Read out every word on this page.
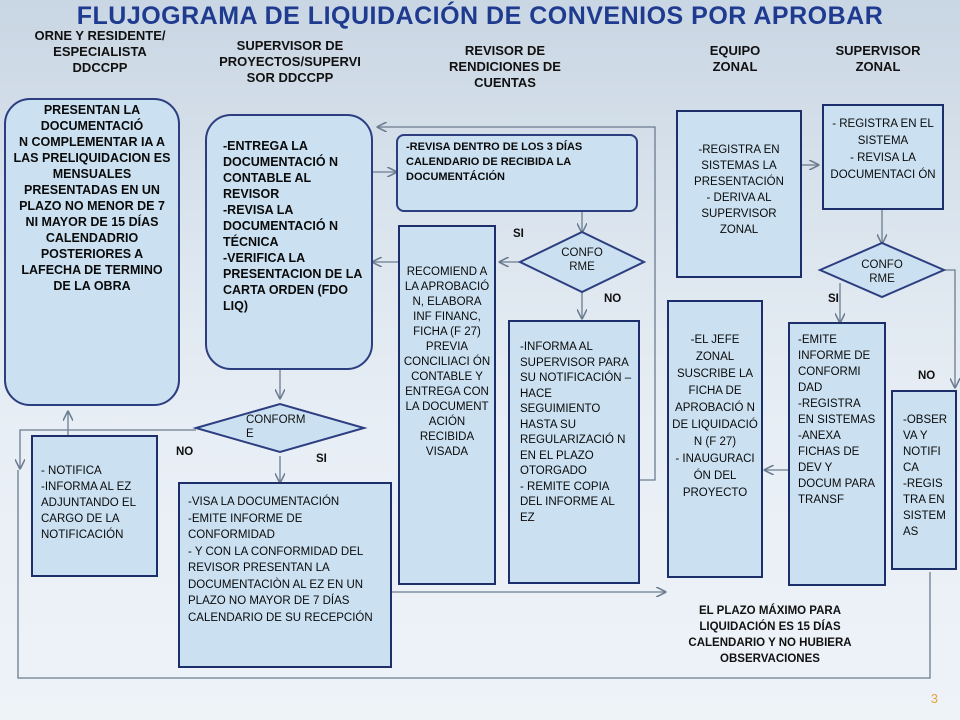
FLUJOGRAMA DE LIQUIDACIÓN DE CONVENIOS POR APROBAR
ORNE Y RESIDENTE/
ESPECIALISTA
DDCCPP
SUPERVISOR DE
PROYECTOS/SUPERVI
SOR DDCCPP
REVISOR DE
RENDICIONES DE
CUENTAS
EQUIPO
ZONAL
SUPERVISOR
ZONAL
PRESENTAN LA DOCUMENTACIÓ
N COMPLEMENTAR IA A LAS PRELIQUIDACION ES MENSUALES PRESENTADAS EN UN PLAZO NO MENOR DE 7 NI MAYOR DE 15 DÍAS CALENDADRIO POSTERIORES A LAFECHA DE TERMINO DE LA OBRA
-ENTREGA LA DOCUMENTACIÓ N CONTABLE AL REVISOR
-REVISA LA DOCUMENTACIÓ N TÉCNICA
-VERIFICA LA PRESENTACION DE LA CARTA ORDEN (FDO LIQ)
-REVISA DENTRO DE LOS 3 DÍAS CALENDARIO DE RECIBIDA LA DOCUMENTÁCIÓN
RECOMIEND A LA APROBACIÓ N, ELABORA INF FINANC, FICHA (F 27) PREVIA CONCILIACI ÓN CONTABLE Y ENTREGA CON LA DOCUMENT ACIÓN RECIBIDA VISADA
-INFORMA AL SUPERVISOR PARA SU NOTIFICACIÓN – HACE SEGUIMIENTO HASTA SU REGULARIZACIÓ N EN EL PLAZO OTORGADO
- REMITE COPIA DEL INFORME AL EZ
-REGISTRA EN SISTEMAS LA PRESENTACIÓN
- DERIVA AL SUPERVISOR ZONAL
- REGISTRA EN EL SISTEMA
- REVISA LA DOCUMENTACI ÓN
-EL JEFE ZONAL SUSCRIBE LA FICHA DE APROBACIÓ N DE LIQUIDACIÓ N (F 27)
- INAUGURACI ÓN DEL PROYECTO
-EMITE INFORME DE CONFORMI DAD
-REGISTRA EN SISTEMAS
-ANEXA FICHAS DE DEV Y DOCUM PARA TRANSF
-OBSER VA Y NOTIFI CA
-REGIS TRA EN SISTEM AS
- NOTIFICA
-INFORMA AL EZ ADJUNTANDO EL CARGO DE LA NOTIFICACIÓN
-VISA LA DOCUMENTACIÓN
-EMITE INFORME DE CONFORMIDAD
- Y CON LA CONFORMIDAD DEL REVISOR PRESENTAN LA DOCUMENTACIÒN AL EZ EN UN PLAZO NO MAYOR DE 7 DÍAS CALENDARIO DE SU RECEPCIÓN
CONFO
RME	CONFO
RME
CONFORM
E
SI
NO	SI
NO
NO
SI
EL PLAZO MÁXIMO PARA
LIQUIDACIÓN ES 15 DÍAS
CALENDARIO Y NO HUBIERA
OBSERVACIONES
3
